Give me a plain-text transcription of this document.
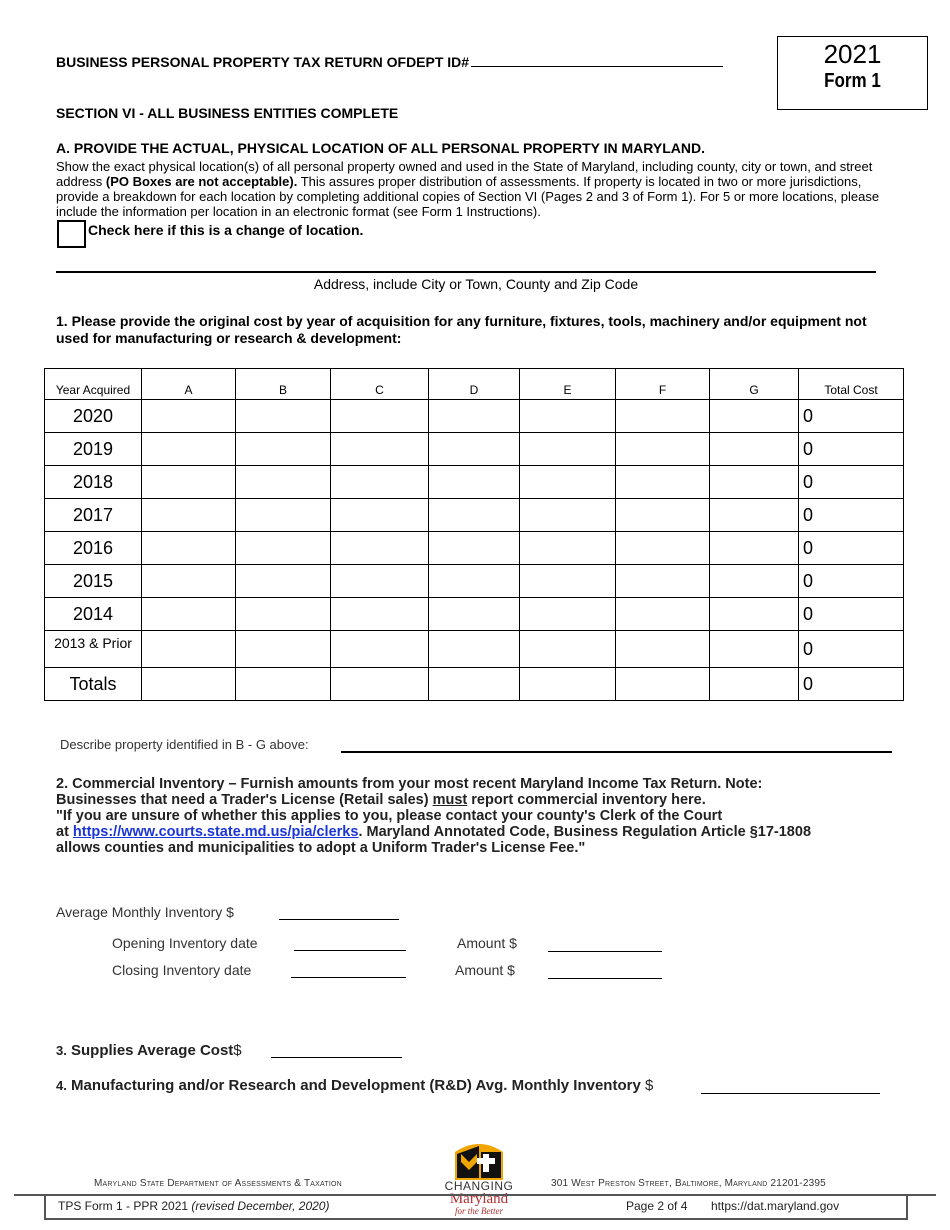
BUSINESS PERSONAL PROPERTY TAX RETURN OFDEPT ID#	2021
Form 1
SECTION VI - ALL BUSINESS ENTITIES COMPLETE
A. PROVIDE THE ACTUAL, PHYSICAL LOCATION OF ALL PERSONAL PROPERTY IN MARYLAND.
Show the exact physical location(s) of all personal property owned and used in the State of Maryland, including county, city or town, and street address (PO Boxes are not acceptable). This assures proper distribution of assessments. If property is located in two or more jurisdictions, provide a breakdown for each location by completing additional copies of Section VI (Pages 2 and 3 of Form 1). For 5 or more locations, please include the information per location in an electronic format (see Form 1 Instructions).
Check here if this is a change of location.
Address, include City or Town, County and Zip Code
1. Please provide the original cost by year of acquisition for any furniture, fixtures, tools, machinery and/or equipment not used for manufacturing or research & development:
Year Acquired	A	B	C	D	E	F	G	Total Cost
2020								0
2019								0
2018								0
2017								0
2016								0
2015								0
2014								0
2013 & Prior								0
Totals								0
Describe property identified in B - G above:
2. Commercial Inventory – Furnish amounts from your most recent Maryland Income Tax Return. Note:
Businesses that need a Trader's License (Retail sales) must report commercial inventory here.
"If you are unsure of whether this applies to you, please contact your county's Clerk of the Court
at https://www.courts.state.md.us/pia/clerks. Maryland Annotated Code, Business Regulation Article §17-1808
allows counties and municipalities to adopt a Uniform Trader's License Fee."
Average Monthly Inventory $
Opening Inventory date	Amount $
Closing Inventory date	Amount $
3. Supplies Average Cost$
4. Manufacturing and/or Research and Development (R&D) Avg. Monthly Inventory $
CHANGING
Maryland
for the Better
Maryland State Department of Assessments & Taxation	301 West Preston Street, Baltimore, Maryland 21201-2395
TPS Form 1 - PPR 2021 (revised December, 2020)	Page 2 of 4 https://dat.maryland.gov
